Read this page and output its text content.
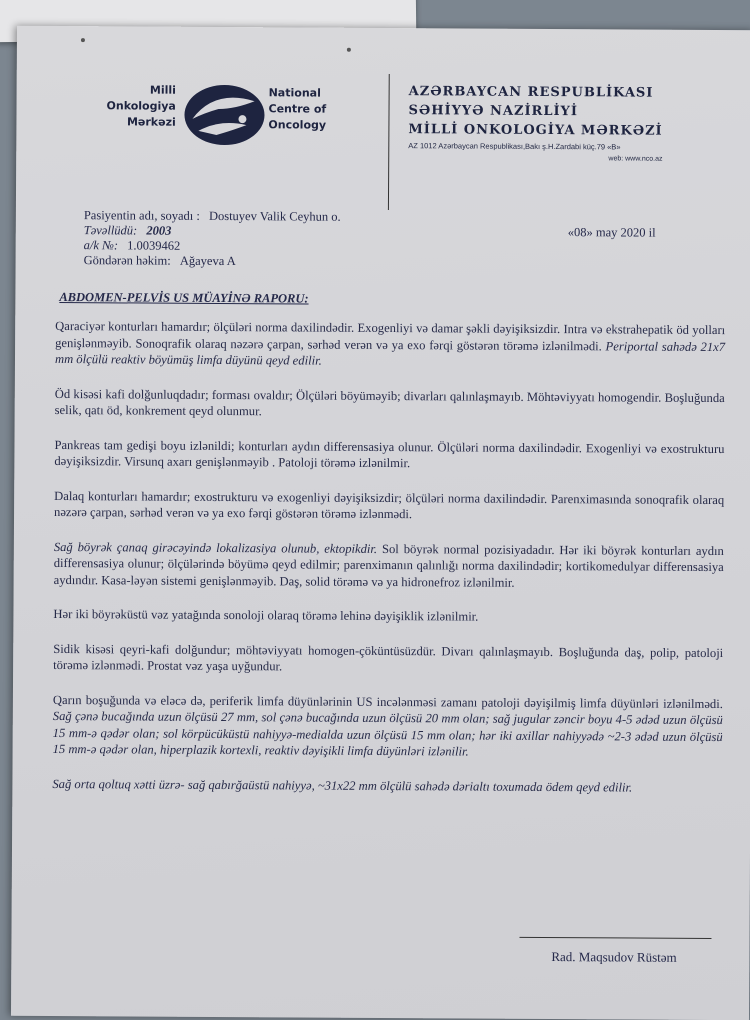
Milli
Onkologiya
Mərkəzi
National
Centre of
Oncology
AZƏRBAYCAN RESPUBLİKASI
SƏHİYYƏ NAZİRLİYİ
MİLLİ ONKOLOGİYA MƏRKƏZİ
AZ 1012 Azərbaycan Respublikası,Bakı ş.H.Zardabi küç.79 «B»
web: www.nco.az
Pasiyentin adı, soyadı : Dostuyev Valik Ceyhun o.
Təvəllüdü: 2003
a/k №: 1.0039462
Göndərən həkim: Ağayeva A
«08» may 2020 il
ABDOMEN-PELVİS US MÜAYİNƏ RAPORU:

Qaraciyər konturları hamardır; ölçüləri norma daxilindədir. Exogenliyi və damar şəkli dəyişiksizdir. Intra və ekstrahepatik öd yolları genişlənməyib. Sonoqrafik olaraq nəzərə çarpan, sərhəd verən və ya exo fərqi göstərən törəmə izlənilmədi. Periportal sahədə 21x7 mm ölçülü reaktiv böyümüş limfa düyünü qeyd edilir.

Öd kisəsi kafi dolğunluqdadır; forması ovaldır; Ölçüləri böyüməyib; divarları qalınlaşmayıb. Möhtəviyyatı homogendir. Boşluğunda selik, qatı öd, konkrement qeyd olunmur.

Pankreas tam gedişi boyu izlənildi; konturları aydın differensasiya olunur. Ölçüləri norma daxilindədir. Exogenliyi və exostrukturu dəyişiksizdir. Virsunq axarı genişlənməyib . Patoloji törəmə izlənilmir.

Dalaq konturları hamardır; exostrukturu və exogenliyi dəyişiksizdir; ölçüləri norma daxilindədir. Parenximasında sonoqrafik olaraq nəzərə çarpan, sərhəd verən və ya exo fərqi göstərən törəmə izlənmədi.

Sağ böyrək çanaq girəcəyində lokalizasiya olunub, ektopikdir. Sol böyrək normal pozisiyadadır. Hər iki böyrək konturları aydın differensasiya olunur; ölçülərində böyümə qeyd edilmir; parenximanın qalınlığı norma daxilindədir; kortikomedulyar differensasiya aydındır. Kasa-ləyən sistemi genişlənməyib. Daş, solid törəmə və ya hidronefroz izlənilmir.

Hər iki böyrəküstü vəz yatağında sonoloji olaraq törəmə lehinə dəyişiklik izlənilmir.

Sidik kisəsi qeyri-kafi dolğundur; möhtəviyyatı homogen-çöküntüsüzdür. Divarı qalınlaşmayıb. Boşluğunda daş, polip, patoloji törəmə izlənmədi. Prostat vəz yaşa uyğundur.

Qarın boşuğunda və eləcə də, periferik limfa düyünlərinin US incələnməsi zamanı patoloji dəyişilmiş limfa düyünləri izlənilmədi. Sağ çənə bucağında uzun ölçüsü 27 mm, sol çənə bucağında uzun ölçüsü 20 mm olan; sağ jugular zəncir boyu 4-5 ədəd uzun ölçüsü 15 mm-ə qədər olan; sol körpücüküstü nahiyyə-medialda uzun ölçüsü 15 mm olan; hər iki axillar nahiyyədə ~2-3 ədəd uzun ölçüsü 15 mm-ə qədər olan, hiperplazik kortexli, reaktiv dəyişikli limfa düyünləri izlənilir.

Sağ orta qoltuq xətti üzrə- sağ qabırğaüstü nahiyyə, ~31x22 mm ölçülü sahədə dərialtı toxumada ödem qeyd edilir.

Rad. Maqsudov Rüstəm
